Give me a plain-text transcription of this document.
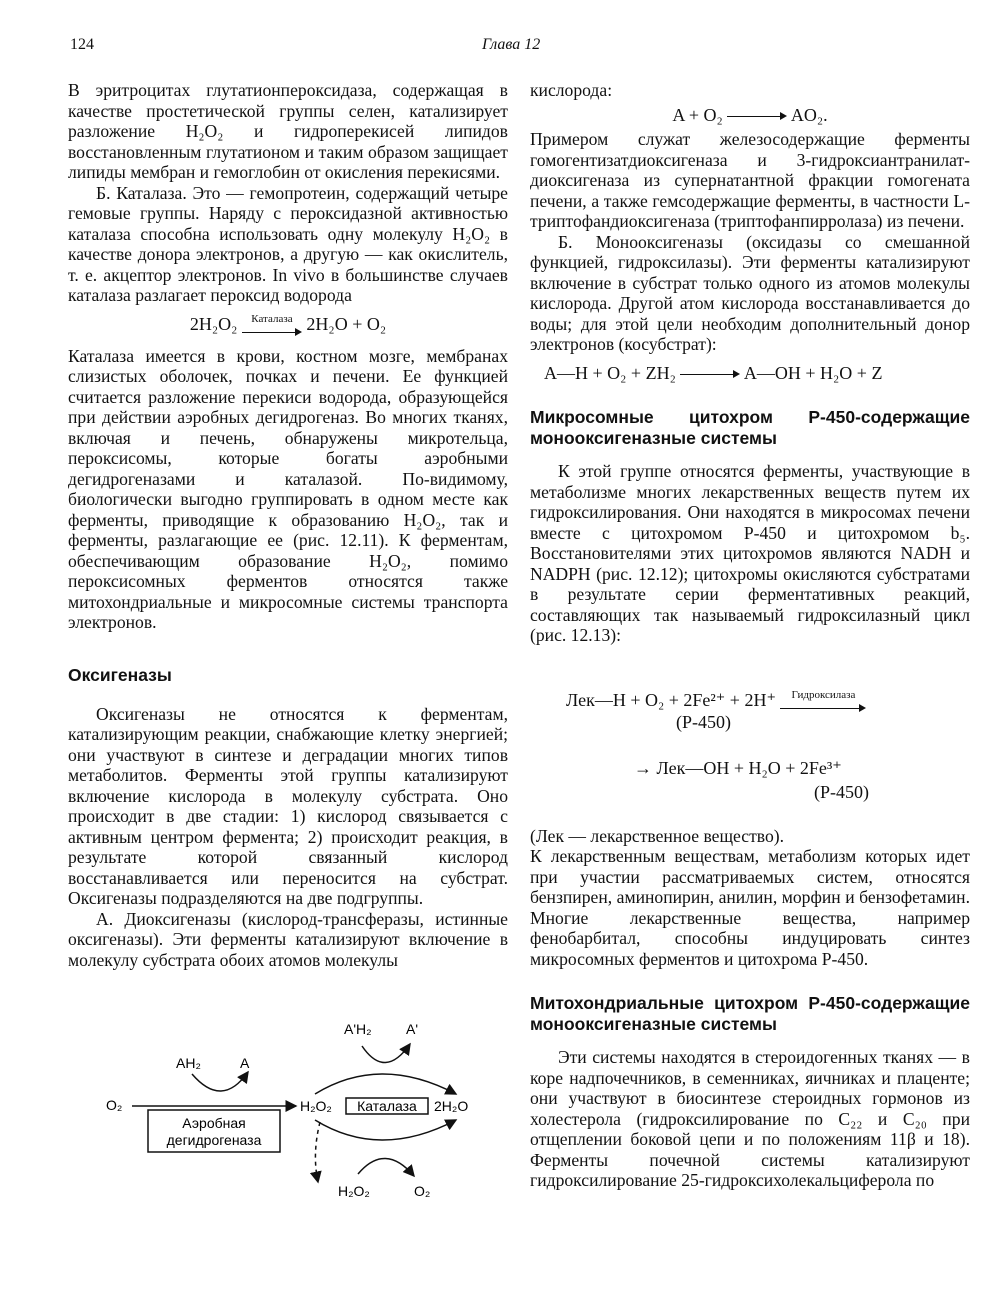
124	Глава 12

В эритроцитах глутатионпероксидаза, содержащая в качестве простетической группы селен, катализирует разложение H₂O₂ и гидроперекисей липидов восстановленным глутатионом и таким образом защищает липиды мембран и гемоглобин от окисления перекисями.

Б. Каталаза. Это — гемопротеин, содержащий четыре гемовые группы. Наряду с пероксидазной активностью каталаза способна использовать одну молекулу H₂O₂ в качестве донора электронов, а другую — как окислитель, т. е. акцептор электронов. In vivo в большинстве случаев каталаза разлагает пероксид водорода

2H₂O₂ Каталаза 2H₂O + O₂

Каталаза имеется в крови, костном мозге, мембранах слизистых оболочек, почках и печени. Ее функцией считается разложение перекиси водорода, образующейся при действии аэробных дегидрогеназ. Во многих тканях, включая и печень, обнаружены микротельца, пероксисомы, которые богаты аэробными дегидрогеназами и каталазой. По-видимому, биологически выгодно группировать в одном месте как ферменты, приводящие к образованию H₂O₂, так и ферменты, разлагающие ее (рис. 12.11). К ферментам, обеспечивающим образование H₂O₂, помимо пероксисомных ферментов относятся также митохондриальные и микросомные системы транспорта электронов.

Оксигеназы

Оксигеназы не относятся к ферментам, катализирующим реакции, снабжающие клетку энергией; они участвуют в синтезе и деградации многих типов метаболитов. Ферменты этой группы катализируют включение кислорода в молекулу субстрата. Оно происходит в две стадии: 1) кислород связывается с активным центром фермента; 2) происходит реакция, в результате которой связанный кислород восстанавливается или переносится на субстрат. Оксигеназы подразделяются на две подгруппы.

А. Диоксигеназы (кислород-трансферазы, истинные оксигеназы). Эти ферменты катализируют включение в молекулу субстрата обоих атомов молекулы

AH₂	A
O₂
Аэробная
дегидрогеназа
H₂O₂ Каталаза 2H₂O
A'H₂ A'
H₂O₂	O₂

кислорода:

A + O₂	AO₂.

Примером служат железосодержащие ферменты гомогентизатдиоксигеназа и 3-гидроксиантранилат-диоксигеназа из супернатантной фракции гомогената печени, а также гемсодержащие ферменты, в частности L-триптофандиоксигеназа (триптофанпирролаза) из печени.

Б. Монооксигеназы (оксидазы со смешанной функцией, гидроксилазы). Эти ферменты катализируют включение в субстрат только одного из атомов молекулы кислорода. Другой атом кислорода восстанавливается до воды; для этой цели необходим дополнительный донор электронов (косубстрат):

A—H + O₂ + ZH₂	A—OH + H₂O + Z

Микросомные цитохром P-450-содержащие монооксигеназные системы

К этой группе относятся ферменты, участвующие в метаболизме многих лекарственных веществ путем их гидроксилирования. Они находятся в микросомах печени вместе с цитохромом P-450 и цитохромом b₅. Восстановителями этих цитохромов являются NADH и NADPH (рис. 12.12); цитохромы окисляются субстратами в результате серии ферментативных реакций, составляющих так называемый гидроксилазный цикл (рис. 12.13):

Лек—H + O₂ + 2Fe²⁺ + 2H⁺ Гидроксилаза
(P-450)
→ Лек—OH + H₂O + 2Fe³⁺
(P-450)

(Лек — лекарственное вещество).

К лекарственным веществам, метаболизм которых идет при участии рассматриваемых систем, относятся бензпирен, аминопирин, анилин, морфин и бензофетамин. Многие лекарственные вещества, например фенобарбитал, способны индуцировать синтез микросомных ферментов и цитохрома P-450.

Митохондриальные цитохром P-450-содержащие монооксигеназные системы

Эти системы находятся в стероидогенных тканях — в коре надпочечников, в семенниках, яичниках и плаценте; они участвуют в биосинтезе стероидных гормонов из холестерола (гидроксилирование по C₂₂ и C₂₀ при отщеплении боковой цепи и по положениям 11β и 18). Ферменты почечной системы катализируют гидроксилирование 25-гидроксихолекальциферола по
